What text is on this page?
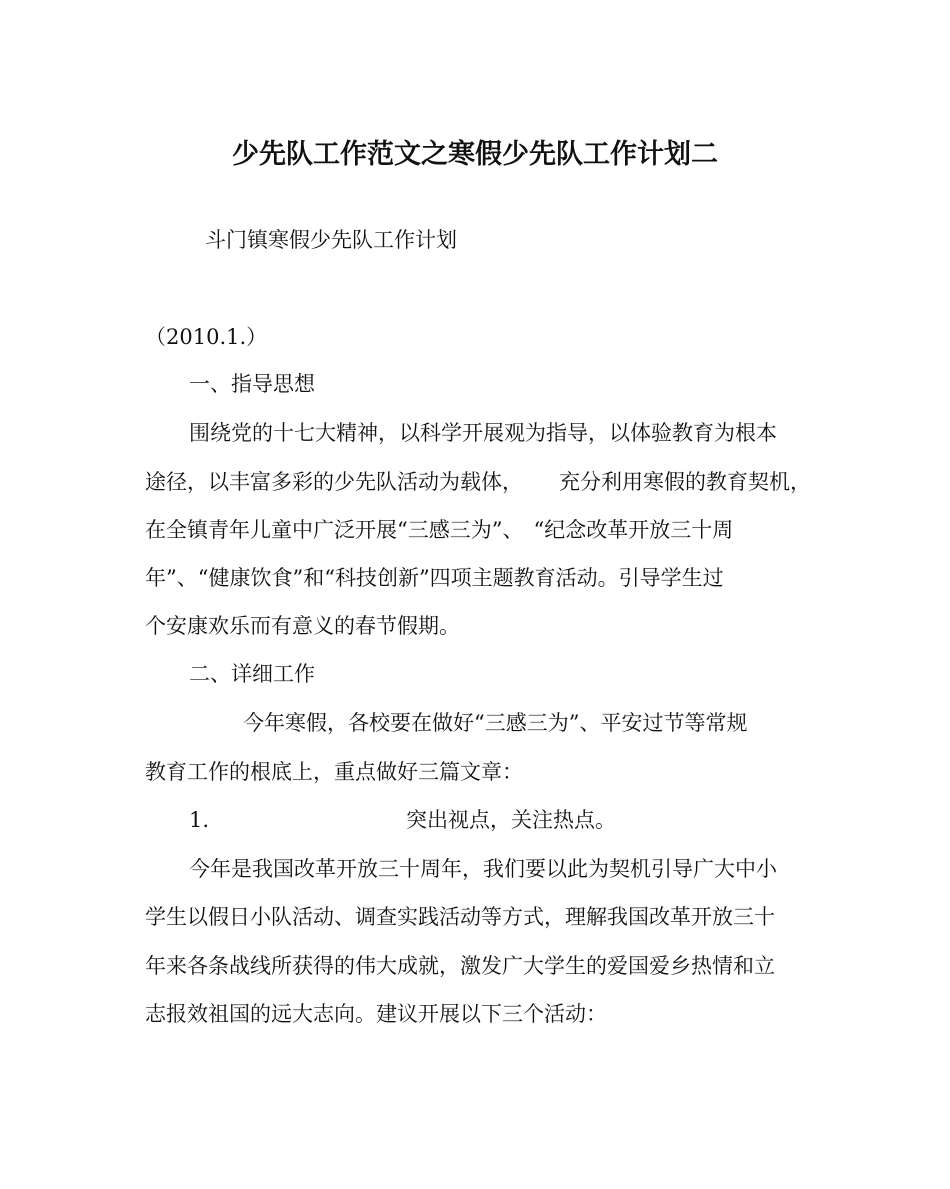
少先队工作范文之寒假少先队工作计划二
斗门镇寒假少先队工作计划
（2010.1.）
一、指导思想
围绕党的十七大精神，以科学开展观为指导，以体验教育为根本
途径，以丰富多彩的少先队活动为载体， 充分利用寒假的教育契机，
在全镇青年儿童中广泛开展“三感三为”、 “纪念改革开放三十周
年”、“健康饮食”和“科技创新”四项主题教育活动。引导学生过
个安康欢乐而有意义的春节假期。
二、详细工作
今年寒假，各校要在做好“三感三为”、平安过节等常规
教育工作的根底上，重点做好三篇文章：
1.	突出视点，关注热点。
今年是我国改革开放三十周年，我们要以此为契机引导广大中小
学生以假日小队活动、调查实践活动等方式，理解我国改革开放三十
年来各条战线所获得的伟大成就，激发广大学生的爱国爱乡热情和立
志报效祖国的远大志向。建议开展以下三个活动：
